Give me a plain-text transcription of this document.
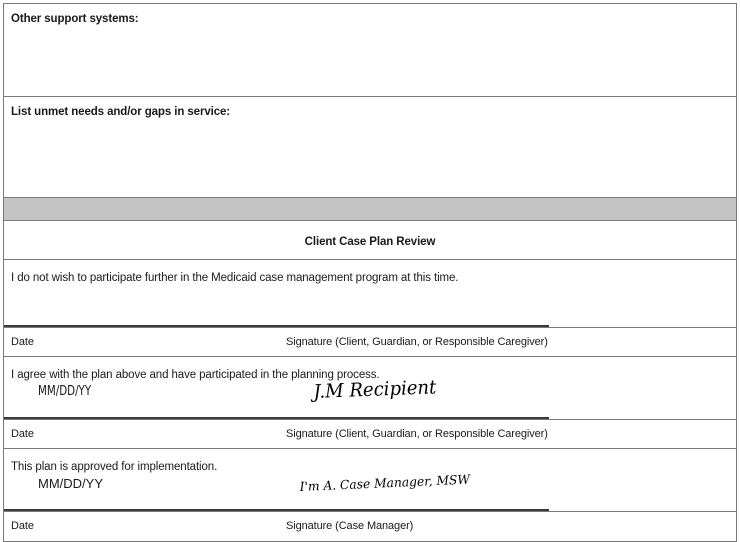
Other support systems:

List unmet needs and/or gaps in service:

Client Case Plan Review

I do not wish to participate further in the Medicaid case management program at this time.

Date	Signature (Client, Guardian, or Responsible Caregiver)

I agree with the plan above and have participated in the planning process.
MM/DD/YY	J.M Recipient

Date	Signature (Client, Guardian, or Responsible Caregiver)

This plan is approved for implementation.
MM/DD/YY	I'm A. Case Manager, MSW

Date	Signature (Case Manager)
